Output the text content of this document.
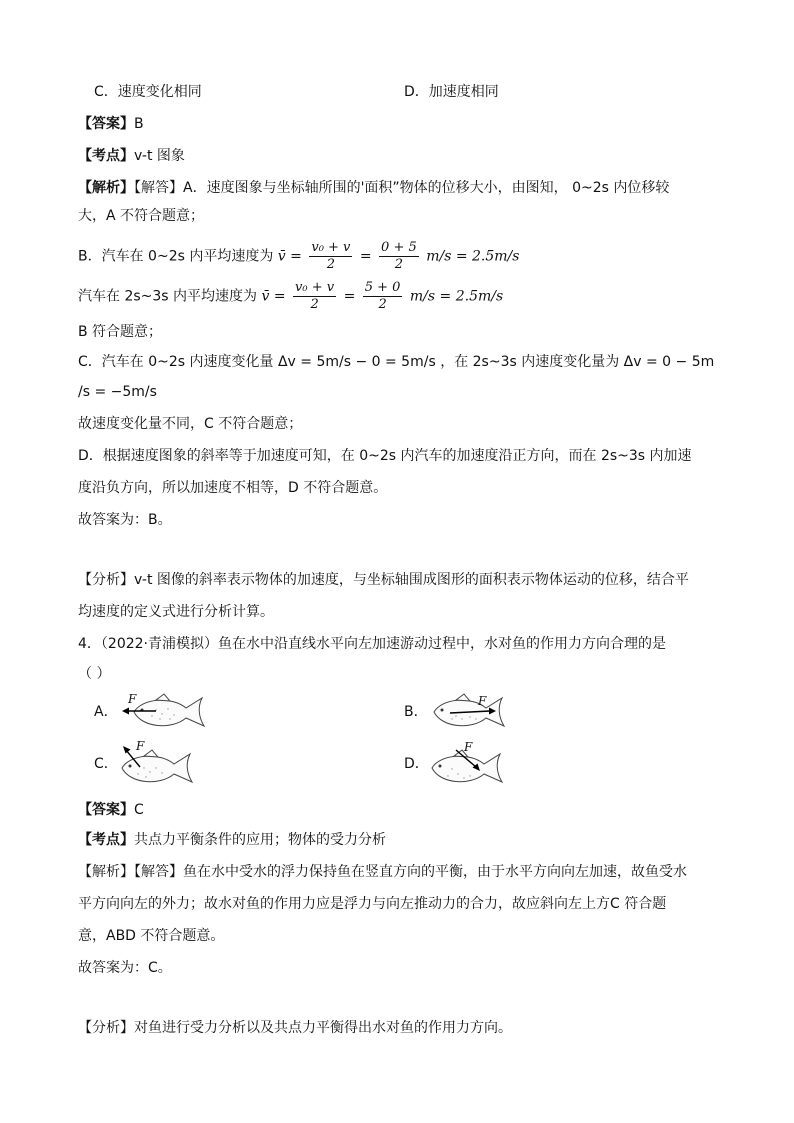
C．速度变化相同	D．加速度相同
【答案】B
【考点】v-t 图象
【解析】【解答】A．速度图象与坐标轴所围的'面积”物体的位移大小，由图知， 0~2s 内位移较
大，A 不符合题意；
B．汽车在 0~2s 内平均速度为 v̄ = $\frac{\text{v₀ + v}}{2} = \frac{0 + 5}{2} m/s = 2.5m/s$
汽车在 2s~3s 内平均速度为 v̄ = $\frac{\text{v₀ + v}}{2} = \frac{5 + 0}{2} m/s = 2.5m/s$
B 符合题意；
C．汽车在 0~2s 内速度变化量 Δv = 5m/s − 0 = 5m/s ，在 2s~3s 内速度变化量为 Δv = 0 − 5m
/s = −5m/s
故速度变化量不同，C 不符合题意；
D．根据速度图象的斜率等于加速度可知，在 0~2s 内汽车的加速度沿正方向，而在 2s~3s 内加速
度沿负方向，所以加速度不相等，D 不符合题意。
故答案为：B。
【分析】v-t 图像的斜率表示物体的加速度，与坐标轴围成图形的面积表示物体运动的位移，结合平
均速度的定义式进行分析计算。
4．（2022·青浦模拟）鱼在水中沿直线水平向左加速游动过程中，水对鱼的作用力方向合理的是
（ ）
A．	B．
C．	D．
F	F
F	F
【答案】C
【考点】共点力平衡条件的应用；物体的受力分析
【解析】【解答】鱼在水中受水的浮力保持鱼在竖直方向的平衡，由于水平方向向左加速，故鱼受水
平方向向左的外力；故水对鱼的作用力应是浮力与向左推动力的合力，故应斜向左上方C 符合题
意，ABD 不符合题意。
故答案为：C。
【分析】对鱼进行受力分析以及共点力平衡得出水对鱼的作用力方向。
